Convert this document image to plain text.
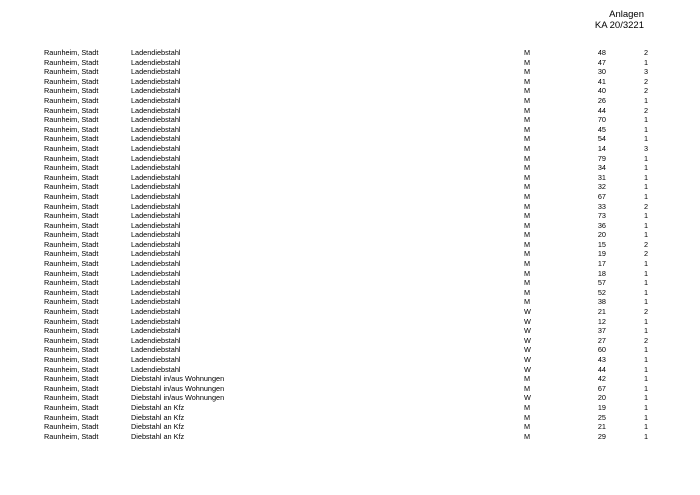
Anlagen
KA 20/3221
Raunheim, Stadt	Ladendiebstahl	M	48	2
Raunheim, Stadt	Ladendiebstahl	M	47	1
Raunheim, Stadt	Ladendiebstahl	M	30	3
Raunheim, Stadt	Ladendiebstahl	M	41	2
Raunheim, Stadt	Ladendiebstahl	M	40	2
Raunheim, Stadt	Ladendiebstahl	M	26	1
Raunheim, Stadt	Ladendiebstahl	M	44	2
Raunheim, Stadt	Ladendiebstahl	M	70	1
Raunheim, Stadt	Ladendiebstahl	M	45	1
Raunheim, Stadt	Ladendiebstahl	M	54	1
Raunheim, Stadt	Ladendiebstahl	M	14	3
Raunheim, Stadt	Ladendiebstahl	M	79	1
Raunheim, Stadt	Ladendiebstahl	M	34	1
Raunheim, Stadt	Ladendiebstahl	M	31	1
Raunheim, Stadt	Ladendiebstahl	M	32	1
Raunheim, Stadt	Ladendiebstahl	M	67	1
Raunheim, Stadt	Ladendiebstahl	M	33	2
Raunheim, Stadt	Ladendiebstahl	M	73	1
Raunheim, Stadt	Ladendiebstahl	M	36	1
Raunheim, Stadt	Ladendiebstahl	M	20	1
Raunheim, Stadt	Ladendiebstahl	M	15	2
Raunheim, Stadt	Ladendiebstahl	M	19	2
Raunheim, Stadt	Ladendiebstahl	M	17	1
Raunheim, Stadt	Ladendiebstahl	M	18	1
Raunheim, Stadt	Ladendiebstahl	M	57	1
Raunheim, Stadt	Ladendiebstahl	M	52	1
Raunheim, Stadt	Ladendiebstahl	M	38	1
Raunheim, Stadt	Ladendiebstahl	W	21	2
Raunheim, Stadt	Ladendiebstahl	W	12	1
Raunheim, Stadt	Ladendiebstahl	W	37	1
Raunheim, Stadt	Ladendiebstahl	W	27	2
Raunheim, Stadt	Ladendiebstahl	W	60	1
Raunheim, Stadt	Ladendiebstahl	W	43	1
Raunheim, Stadt	Ladendiebstahl	W	44	1
Raunheim, Stadt	Diebstahl in/aus Wohnungen	M	42	1
Raunheim, Stadt	Diebstahl in/aus Wohnungen	M	67	1
Raunheim, Stadt	Diebstahl in/aus Wohnungen	W	20	1
Raunheim, Stadt	Diebstahl an Kfz	M	19	1
Raunheim, Stadt	Diebstahl an Kfz	M	25	1
Raunheim, Stadt	Diebstahl an Kfz	M	21	1
Raunheim, Stadt	Diebstahl an Kfz	M	29	1
